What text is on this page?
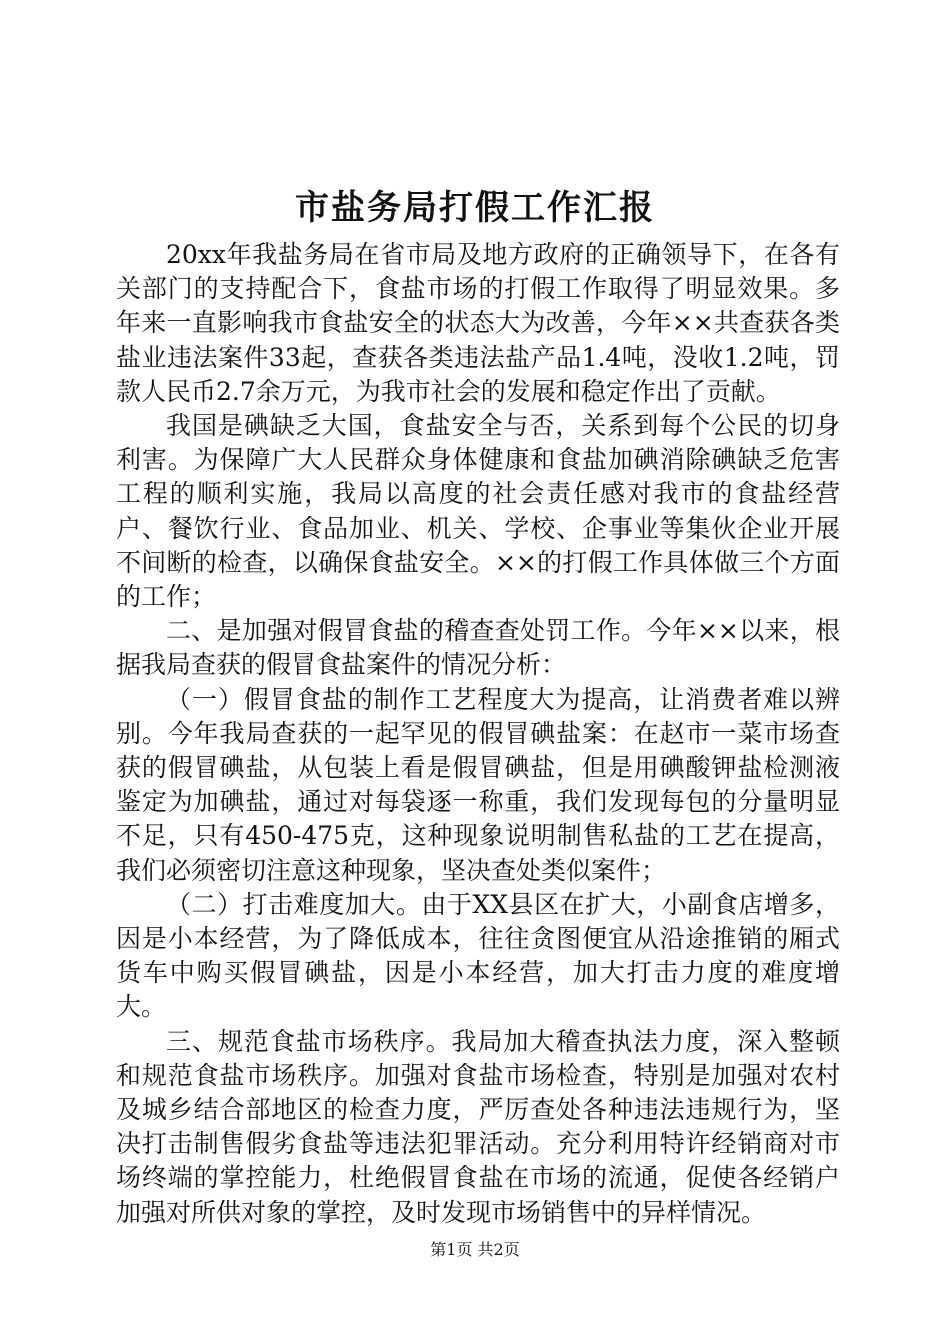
市盐务局打假工作汇报

20xx年我盐务局在省市局及地方政府的正确领导下，在各有关部门的支持配合下，食盐市场的打假工作取得了明显效果。多年来一直影响我市食盐安全的状态大为改善，今年××共查获各类盐业违法案件33起，查获各类违法盐产品1.4吨，没收1.2吨，罚款人民币2.7余万元，为我市社会的发展和稳定作出了贡献。

我国是碘缺乏大国，食盐安全与否，关系到每个公民的切身利害。为保障广大人民群众身体健康和食盐加碘消除碘缺乏危害工程的顺利实施，我局以高度的社会责任感对我市的食盐经营户、餐饮行业、食品加业、机关、学校、企事业等集伙企业开展不间断的检查，以确保食盐安全。××的打假工作具体做三个方面的工作；

二、是加强对假冒食盐的稽查查处罚工作。今年××以来，根据我局查获的假冒食盐案件的情况分析：

（一）假冒食盐的制作工艺程度大为提高，让消费者难以辨别。今年我局查获的一起罕见的假冒碘盐案：在赵市一菜市场查获的假冒碘盐，从包装上看是假冒碘盐，但是用碘酸钾盐检测液鉴定为加碘盐，通过对每袋逐一称重，我们发现每包的分量明显不足，只有450-475克，这种现象说明制售私盐的工艺在提高，我们必须密切注意这种现象，坚决查处类似案件；

（二）打击难度加大。由于XX县区在扩大，小副食店增多，因是小本经营，为了降低成本，往往贪图便宜从沿途推销的厢式货车中购买假冒碘盐，因是小本经营，加大打击力度的难度增大。

三、规范食盐市场秩序。我局加大稽查执法力度，深入整顿和规范食盐市场秩序。加强对食盐市场检查，特别是加强对农村及城乡结合部地区的检查力度，严厉查处各种违法违规行为，坚决打击制售假劣食盐等违法犯罪活动。充分利用特许经销商对市场终端的掌控能力，杜绝假冒食盐在市场的流通，促使各经销户加强对所供对象的掌控，及时发现市场销售中的异样情况。

第1页 共2页
